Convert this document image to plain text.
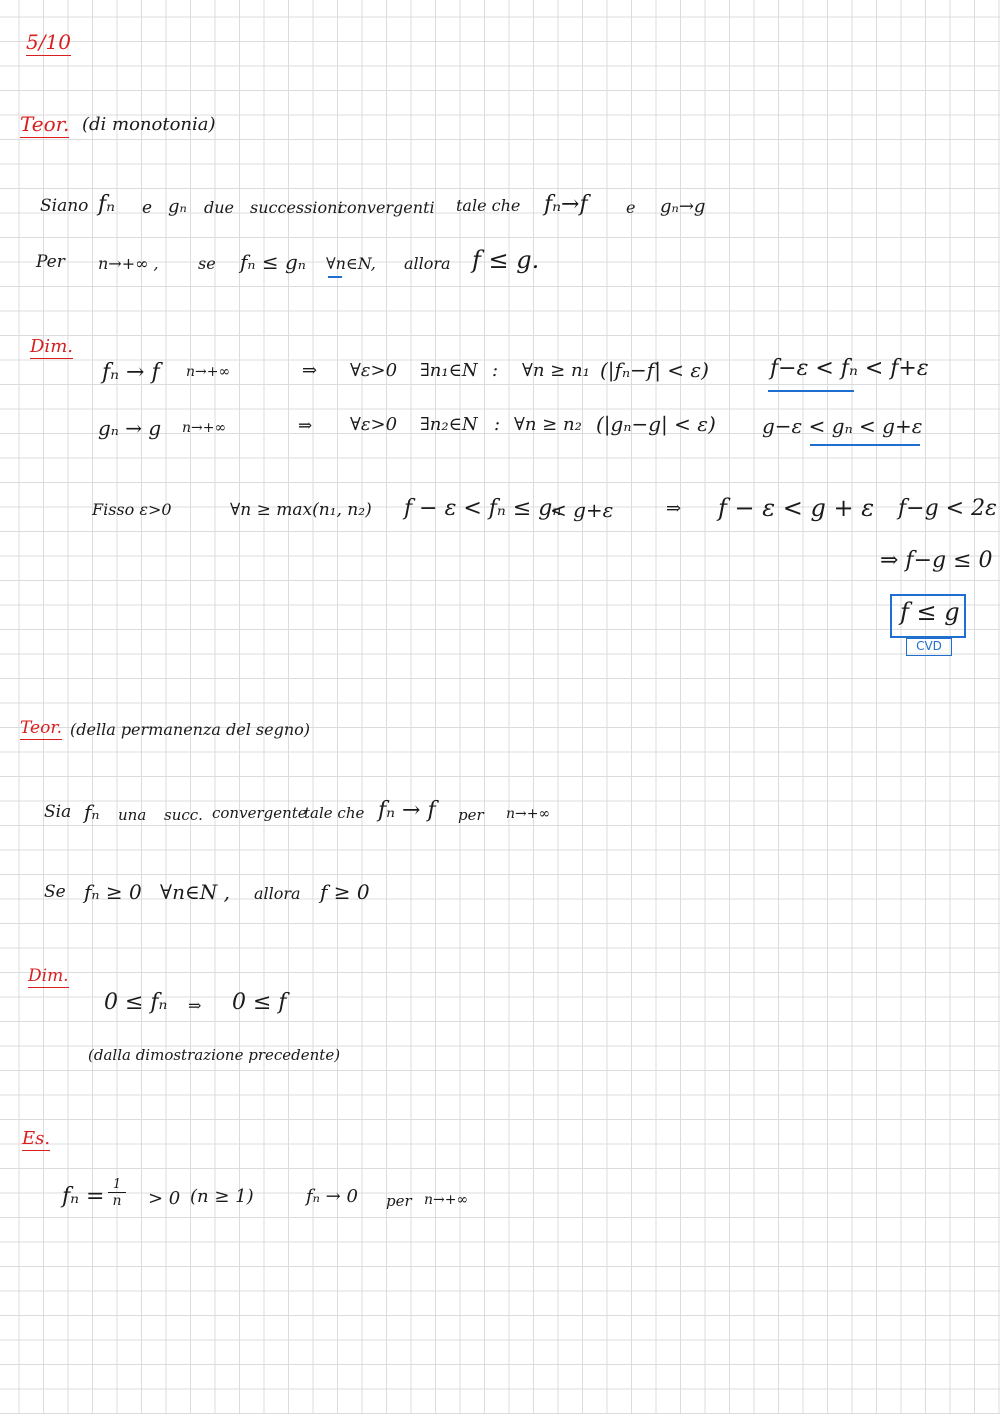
5/10
Teor. (di monotonia)
Siano fₙ e gₙ due successioni
convergenti tale che fₙ→f e gₙ→g
Per n→+∞ , se fₙ ≤ gₙ ∀n∈N, allora f ≤ g.
Dim.
fₙ → f n→+∞	⇒ ∀ε>0 ∃n₁∈N : ∀n ≥ n₁ (|fₙ−f| < ε)	f−ε < fₙ < f+ε
gₙ → g n→+∞	⇒ ∀ε>0 ∃n₂∈N : ∀n ≥ n₂ (|gₙ−g| < ε) g−ε < gₙ < g+ε
Fisso ε>0	∀n ≥ max(n₁, n₂) f − ε < fₙ ≤ gₙ
< g+ε	⇒ f − ε < g + ε f−g < 2ε
⇒ f−g ≤ 0
f ≤ g
CVD
Teor. (della permanenza del segno)
Sia fₙ una succ. convergente
tale che fₙ → f per n→+∞
Se fₙ ≥ 0 ∀n∈N , allora f ≥ 0
Dim.
0 ≤ fₙ ⇒ 0 ≤ f
(dalla dimostrazione precedente)
Es.
$f_n = \frac{1}{n} > 0$ (n ≥ 1)	fₙ → 0 per n→+∞
